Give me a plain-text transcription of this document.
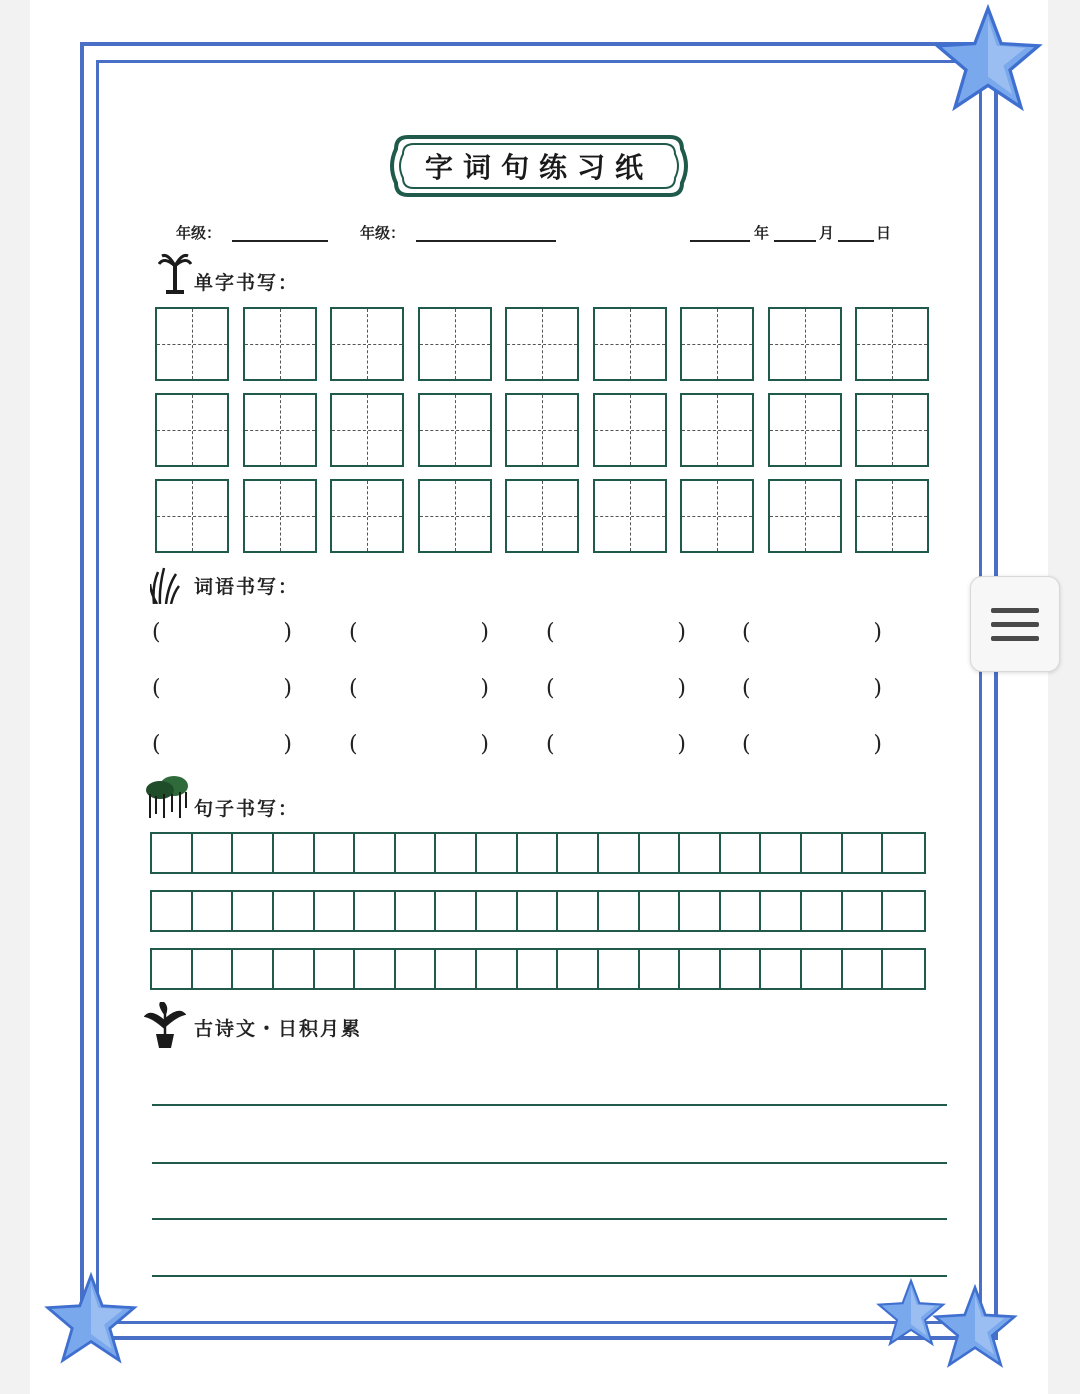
字词句练习纸
年级：	年级：	年	月	日
单字书写：
词语书写：
(	)	(	)	(	)	(	)
(	)	(	)	(	)	(	)
(	)	(	)	(	)	(	)
句子书写：
古诗文・日积月累
